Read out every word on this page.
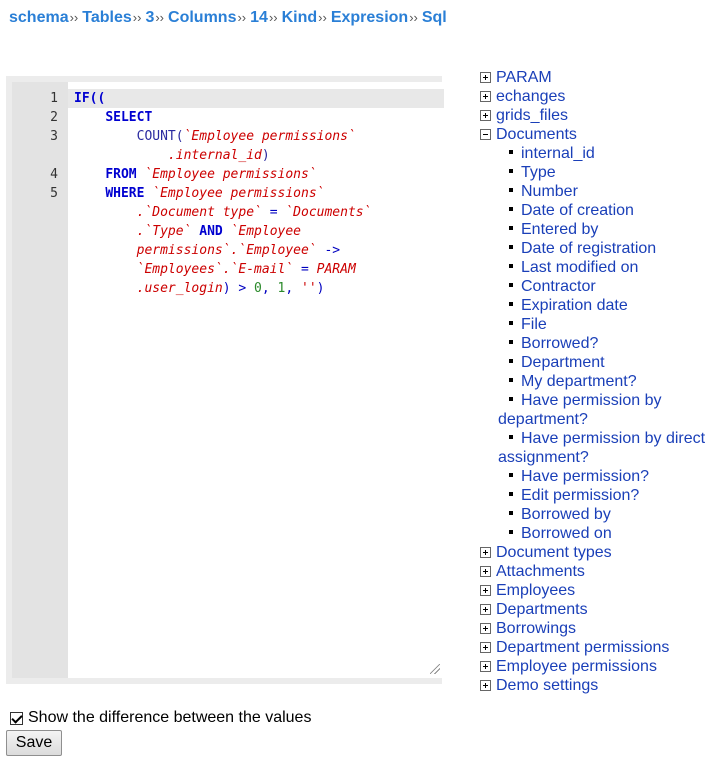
schema›› Tables›› 3›› Columns›› 14›› Kind›› Expresion›› Sql
1
2
3
4
5
IF((
SELECT
COUNT(`Employee permissions`
.internal_id)
FROM `Employee permissions`
WHERE `Employee permissions`
.`Document type` = `Documents`
.`Type` AND `Employee
permissions`.`Employee` ->
`Employees`.`E-mail` = PARAM
.user_login) > 0, 1, '')
PARAM
echanges
grids_files
Documents
internal_id
Type
Number
Date of creation
Entered by
Date of registration
Last modified on
Contractor
Expiration date
File
Borrowed?
Department
My department?
Have permission by department?
Have permission by direct assignment?
Have permission?
Edit permission?
Borrowed by
Borrowed on
Document types
Attachments
Employees
Departments
Borrowings
Department permissions
Employee permissions
Demo settings
Show the difference between the values
Save
